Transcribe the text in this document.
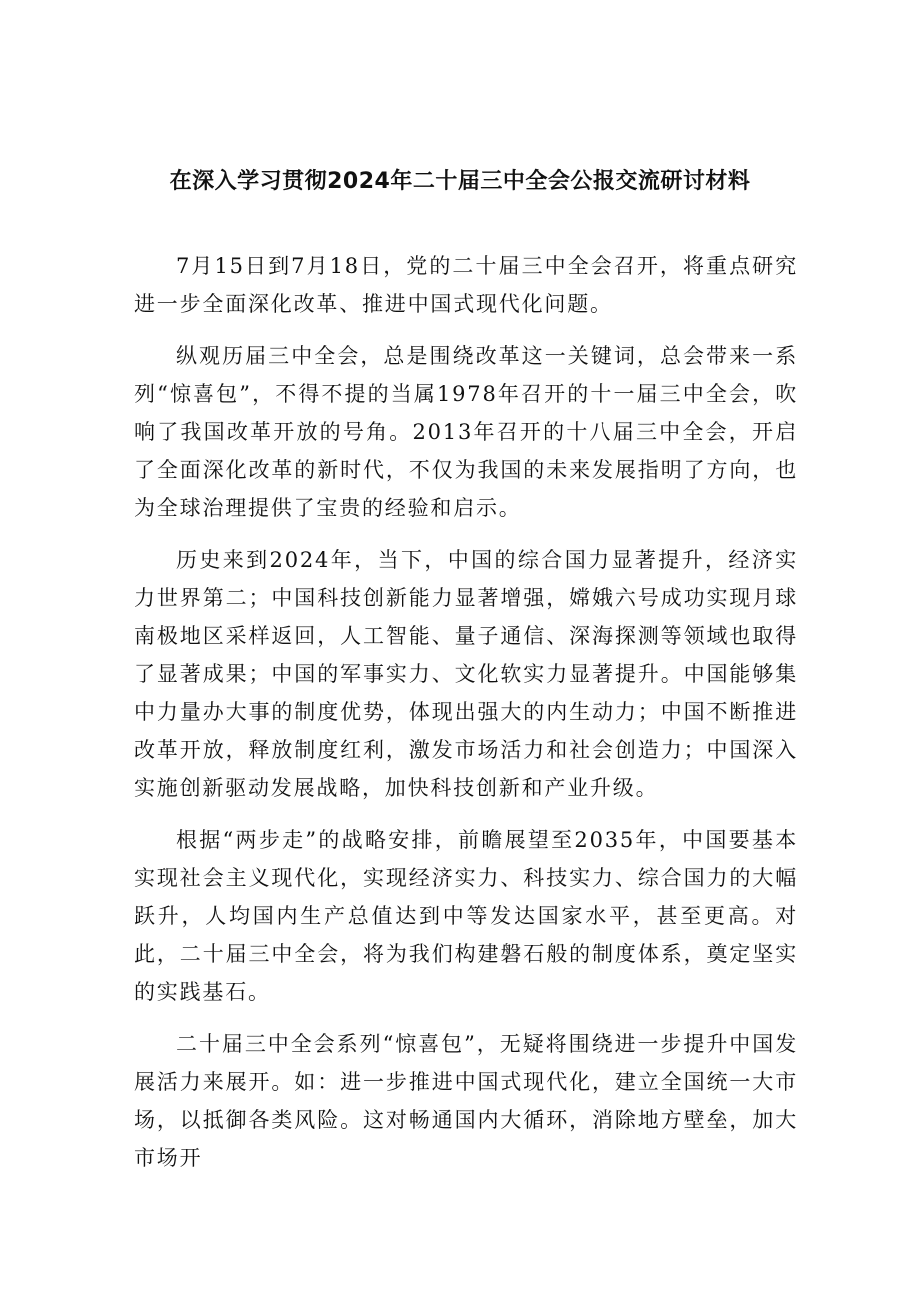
在深入学习贯彻2024年二十届三中全会公报交流研讨材料

7月15日到7月18日，党的二十届三中全会召开，将重点研究进一步全面深化改革、推进中国式现代化问题。

纵观历届三中全会，总是围绕改革这一关键词，总会带来一系列“惊喜包”，不得不提的当属1978年召开的十一届三中全会，吹响了我国改革开放的号角。2013年召开的十八届三中全会，开启了全面深化改革的新时代，不仅为我国的未来发展指明了方向，也为全球治理提供了宝贵的经验和启示。

历史来到2024年，当下，中国的综合国力显著提升，经济实力世界第二；中国科技创新能力显著增强，嫦娥六号成功实现月球南极地区采样返回，人工智能、量子通信、深海探测等领域也取得了显著成果；中国的军事实力、文化软实力显著提升。中国能够集中力量办大事的制度优势，体现出强大的内生动力；中国不断推进改革开放，释放制度红利，激发市场活力和社会创造力；中国深入实施创新驱动发展战略，加快科技创新和产业升级。

根据“两步走”的战略安排，前瞻展望至2035年，中国要基本实现社会主义现代化，实现经济实力、科技实力、综合国力的大幅跃升，人均国内生产总值达到中等发达国家水平，甚至更高。对此，二十届三中全会，将为我们构建磐石般的制度体系，奠定坚实的实践基石。

二十届三中全会系列“惊喜包”，无疑将围绕进一步提升中国发展活力来展开。如：进一步推进中国式现代化，建立全国统一大市场，以抵御各类风险。这对畅通国内大循环，消除地方壁垒，加大市场开
